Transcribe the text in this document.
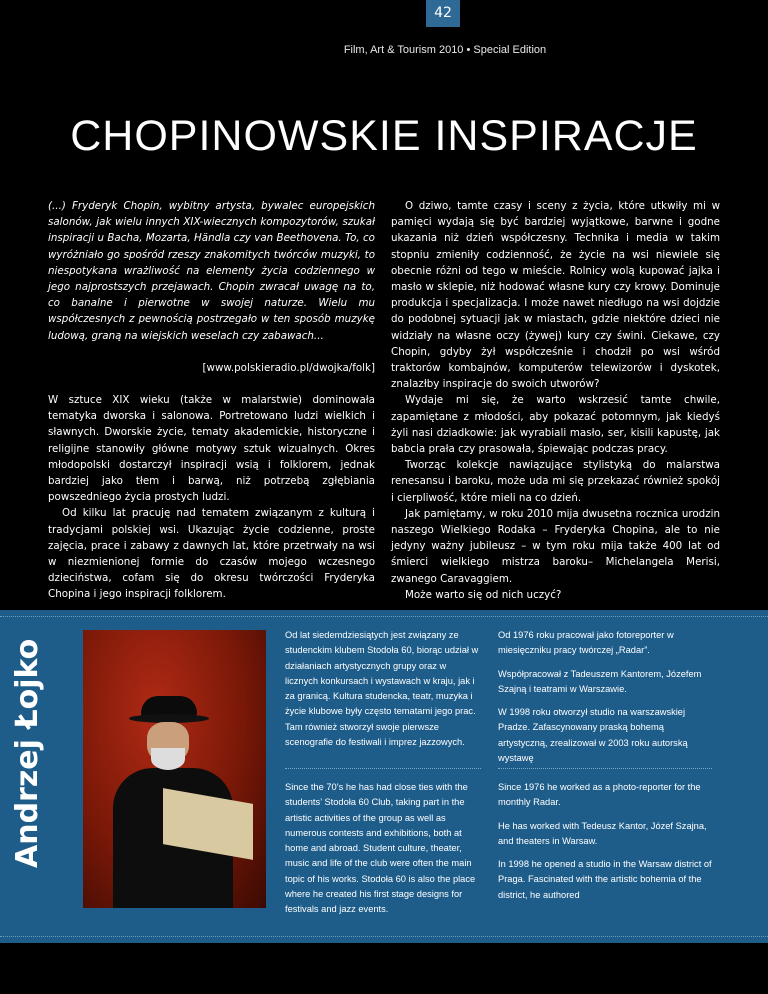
42
Film, Art & Tourism 2010 • Special Edition
CHOPINOWSKIE INSPIRACJE

(...) Fryderyk Chopin, wybitny artysta, bywalec europejskich salonów, jak wielu innych XIX-wiecznych kompozytorów, szukał inspiracji u Bacha, Mozarta, Händla czy van Beethovena. To, co wyróżniało go spośród rzeszy znakomitych twórców muzyki, to niespotykana wrażliwość na elementy życia codziennego w jego najprostszych przejawach. Chopin zwracał uwagę na to, co banalne i pierwotne w swojej naturze. Wielu mu współczesnych z pewnością postrzegało w ten sposób muzykę ludową, graną na wiejskich weselach czy zabawach...

[www.polskieradio.pl/dwojka/folk]

W sztuce XIX wieku (także w malarstwie) dominowała tematyka dworska i salonowa. Portretowano ludzi wielkich i sławnych. Dworskie życie, tematy akademickie, historyczne i religijne stanowiły główne motywy sztuk wizualnych. Okres młodopolski dostarczył inspiracji wsią i folklorem, jednak bardziej jako tłem i barwą, niż potrzebą zgłębiania powszedniego życia prostych ludzi.

Od kilku lat pracuję nad tematem związanym z kulturą i tradycjami polskiej wsi. Ukazując życie codzienne, proste zajęcia, prace i zabawy z dawnych lat, które przetrwały na wsi w niezmienionej formie do czasów mojego wczesnego dzieciństwa, cofam się do okresu twórczości Fryderyka Chopina i jego inspiracji folklorem.

O dziwo, tamte czasy i sceny z życia, które utkwiły mi w pamięci wydają się być bardziej wyjątkowe, barwne i godne ukazania niż dzień współczesny. Technika i media w takim stopniu zmieniły codzienność, że życie na wsi niewiele się obecnie różni od tego w mieście. Rolnicy wolą kupować jajka i masło w sklepie, niż hodować własne kury czy krowy. Dominuje produkcja i specjalizacja. I może nawet niedługo na wsi dojdzie do podobnej sytuacji jak w miastach, gdzie niektóre dzieci nie widziały na własne oczy (żywej) kury czy świni. Ciekawe, czy Chopin, gdyby żył współcześnie i chodził po wsi wśród traktorów kombajnów, komputerów telewizorów i dyskotek, znalazłby inspiracje do swoich utworów?

Wydaje mi się, że warto wskrzesić tamte chwile, zapamiętane z młodości, aby pokazać potomnym, jak kiedyś żyli nasi dziadkowie: jak wyrabiali masło, ser, kisili kapustę, jak babcia prała czy prasowała, śpiewając podczas pracy.

Tworząc kolekcje nawiązujące stylistyką do malarstwa renesansu i baroku, może uda mi się przekazać również spokój i cierpliwość, które mieli na co dzień.

Jak pamiętamy, w roku 2010 mija dwusetna rocznica urodzin naszego Wielkiego Rodaka – Fryderyka Chopina, ale to nie jedyny ważny jubileusz – w tym roku mija także 400 lat od śmierci wielkiego mistrza baroku– Michelangela Merisi, zwanego Caravaggiem.

Może warto się od nich uczyć?

Andrzej Łojko

Od lat siedemdziesiątych jest związany ze studenckim klubem Stodoła 60, biorąc udział w działaniach artystycznych grupy oraz w licznych konkursach i wystawach w kraju, jak i za granicą. Kultura studencka, teatr, muzyka i życie klubowe były często tematami jego prac. Tam również stworzył swoje pierwsze scenografie do festiwali i imprez jazzowych.

Od 1976 roku pracował jako fotoreporter w miesięczniku pracy twórczej „Radar”.

Współpracował z Tadeuszem Kantorem, Józefem Szajną i teatrami w Warszawie.

W 1998 roku otworzył studio na warszawskiej Pradze. Zafascynowany praską bohemą artystyczną, zrealizował w 2003 roku autorską wystawę

Since the 70’s he has had close ties with the students’ Stodoła 60 Club, taking part in the artistic activities of the group as well as numerous contests and exhibitions, both at home and abroad. Student culture, theater, music and life of the club were often the main topic of his works. Stodoła 60 is also the place where he created his first stage designs for festivals and jazz events.

Since 1976 he worked as a photo-reporter for the monthly Radar.

He has worked with Tedeusz Kantor, Józef Szajna, and theaters in Warsaw.

In 1998 he opened a studio in the Warsaw district of Praga. Fascinated with the artistic bohemia of the district, he authored
